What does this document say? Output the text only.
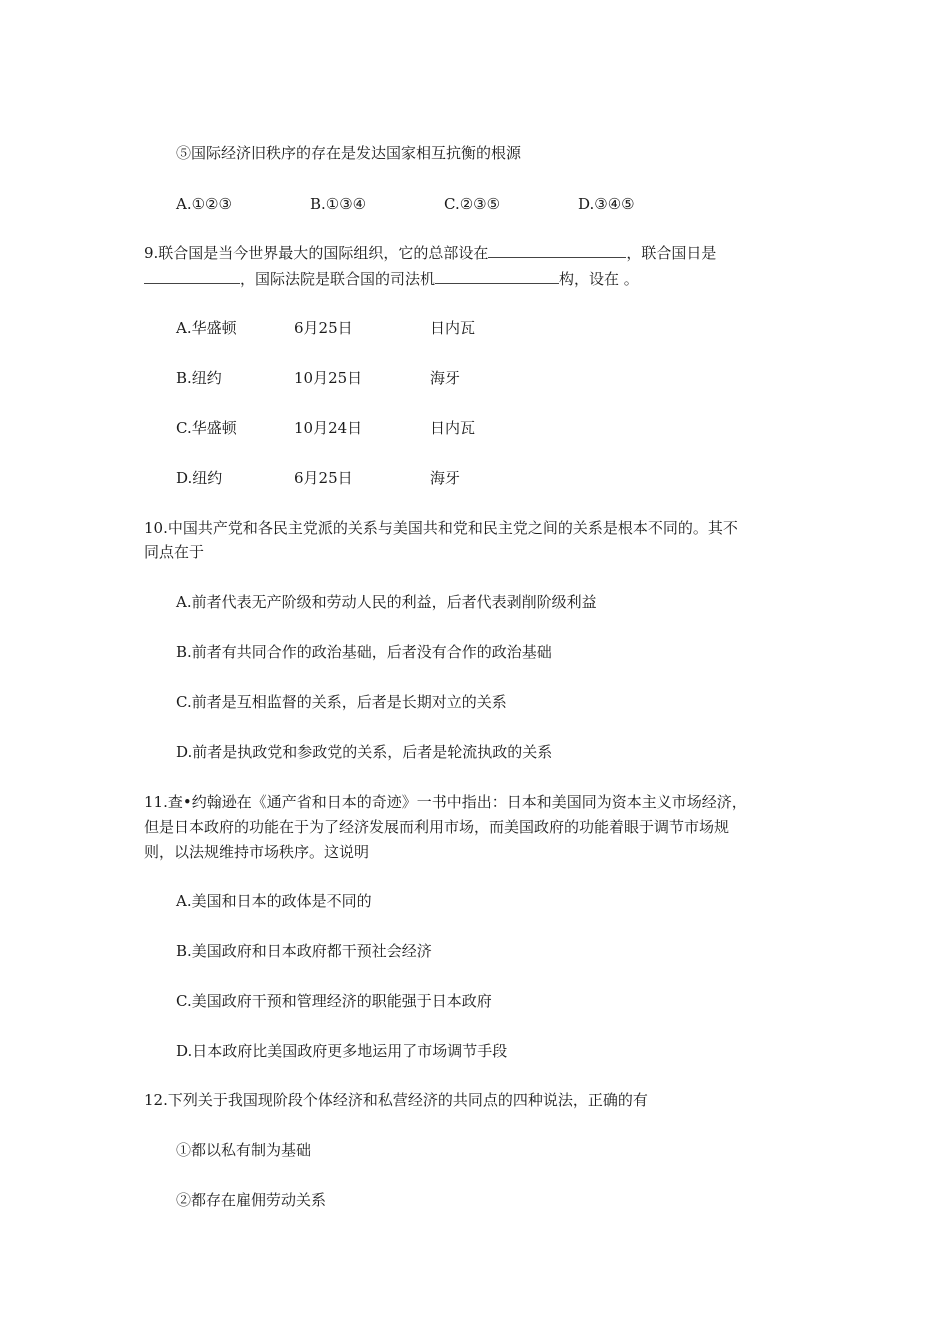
⑤国际经济旧秩序的存在是发达国家相互抗衡的根源
A.①②③	B.①③④	C.②③⑤	D.③④⑤
9.联合国是当今世界最大的国际组织，它的总部设在	，联合国日是
，国际法院是联合国的司法机	构，设在 。
A.华盛顿	6月25日	日内瓦
B.纽约	10月25日	海牙
C.华盛顿	10月24日	日内瓦
D.纽约	6月25日	海牙
10.中国共产党和各民主党派的关系与美国共和党和民主党之间的关系是根本不同的。其不
同点在于
A.前者代表无产阶级和劳动人民的利益，后者代表剥削阶级利益
B.前者有共同合作的政治基础，后者没有合作的政治基础
C.前者是互相监督的关系，后者是长期对立的关系
D.前者是执政党和参政党的关系，后者是轮流执政的关系
11.查•约翰逊在《通产省和日本的奇迹》一书中指出：日本和美国同为资本主义市场经济，
但是日本政府的功能在于为了经济发展而利用市场，而美国政府的功能着眼于调节市场规
则，以法规维持市场秩序。这说明
A.美国和日本的政体是不同的
B.美国政府和日本政府都干预社会经济
C.美国政府干预和管理经济的职能强于日本政府
D.日本政府比美国政府更多地运用了市场调节手段
12.下列关于我国现阶段个体经济和私营经济的共同点的四种说法，正确的有
①都以私有制为基础
②都存在雇佣劳动关系
